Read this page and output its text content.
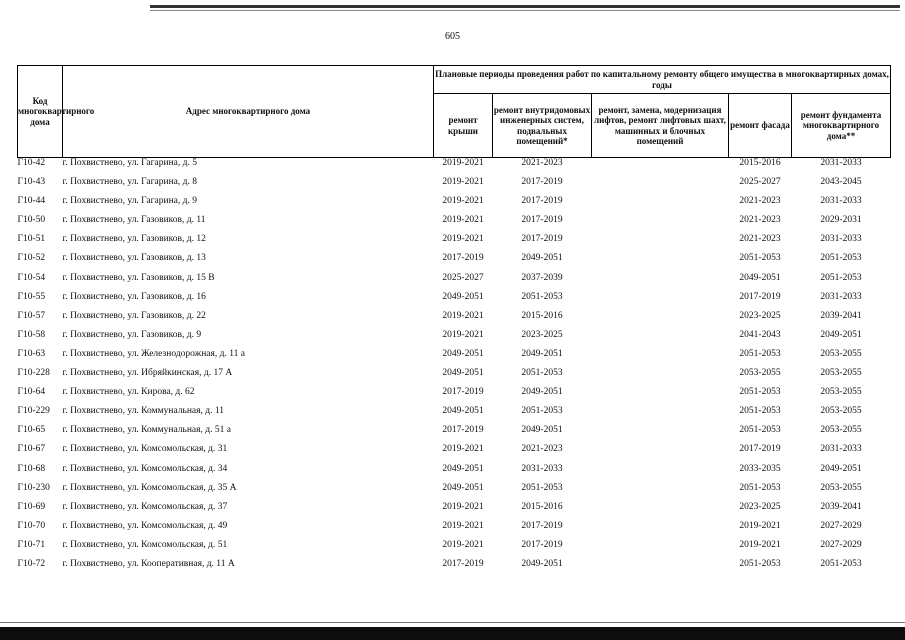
605
Код многоквартирного дома	Адрес многоквартирного дома	Плановые периоды проведения работ по капитальному ремонту общего имущества в многоквартирных домах, годы				
		ремонт крыши	ремонт внутридомовых инженерных систем, подвальных помещений*	ремонт, замена, модернизация лифтов, ремонт лифтовых шахт, машинных и блочных помещений	ремонт фасада	ремонт фундамента многоквартирного дома**
Г10-42	г. Похвистнево, ул. Гагарина, д. 5	2019-2021	2021-2023		2015-2016	2031-2033
Г10-43	г. Похвистнево, ул. Гагарина, д. 8	2019-2021	2017-2019		2025-2027	2043-2045
Г10-44	г. Похвистнево, ул. Гагарина, д. 9	2019-2021	2017-2019		2021-2023	2031-2033
Г10-50	г. Похвистнево, ул. Газовиков, д. 11	2019-2021	2017-2019		2021-2023	2029-2031
Г10-51	г. Похвистнево, ул. Газовиков, д. 12	2019-2021	2017-2019		2021-2023	2031-2033
Г10-52	г. Похвистнево, ул. Газовиков, д. 13	2017-2019	2049-2051		2051-2053	2051-2053
Г10-54	г. Похвистнево, ул. Газовиков, д. 15 В	2025-2027	2037-2039		2049-2051	2051-2053
Г10-55	г. Похвистнево, ул. Газовиков, д. 16	2049-2051	2051-2053		2017-2019	2031-2033
Г10-57	г. Похвистнево, ул. Газовиков, д. 22	2019-2021	2015-2016		2023-2025	2039-2041
Г10-58	г. Похвистнево, ул. Газовиков, д. 9	2019-2021	2023-2025		2041-2043	2049-2051
Г10-63	г. Похвистнево, ул. Железнодорожная, д. 11 а	2049-2051	2049-2051		2051-2053	2053-2055
Г10-228	г. Похвистнево, ул. Ибряйкинская, д. 17 А	2049-2051	2051-2053		2053-2055	2053-2055
Г10-64	г. Похвистнево, ул. Кирова, д. 62	2017-2019	2049-2051		2051-2053	2053-2055
Г10-229	г. Похвистнево, ул. Коммунальная, д. 11	2049-2051	2051-2053		2051-2053	2053-2055
Г10-65	г. Похвистнево, ул. Коммунальная, д. 51 а	2017-2019	2049-2051		2051-2053	2053-2055
Г10-67	г. Похвистнево, ул. Комсомольская, д. 31	2019-2021	2021-2023		2017-2019	2031-2033
Г10-68	г. Похвистнево, ул. Комсомольская, д. 34	2049-2051	2031-2033		2033-2035	2049-2051
Г10-230	г. Похвистнево, ул. Комсомольская, д. 35 А	2049-2051	2051-2053		2051-2053	2053-2055
Г10-69	г. Похвистнево, ул. Комсомольская, д. 37	2019-2021	2015-2016		2023-2025	2039-2041
Г10-70	г. Похвистнево, ул. Комсомольская, д. 49	2019-2021	2017-2019		2019-2021	2027-2029
Г10-71	г. Похвистнево, ул. Комсомольская, д. 51	2019-2021	2017-2019		2019-2021	2027-2029
Г10-72	г. Похвистнево, ул. Кооперативная, д. 11 А	2017-2019	2049-2051		2051-2053	2051-2053
